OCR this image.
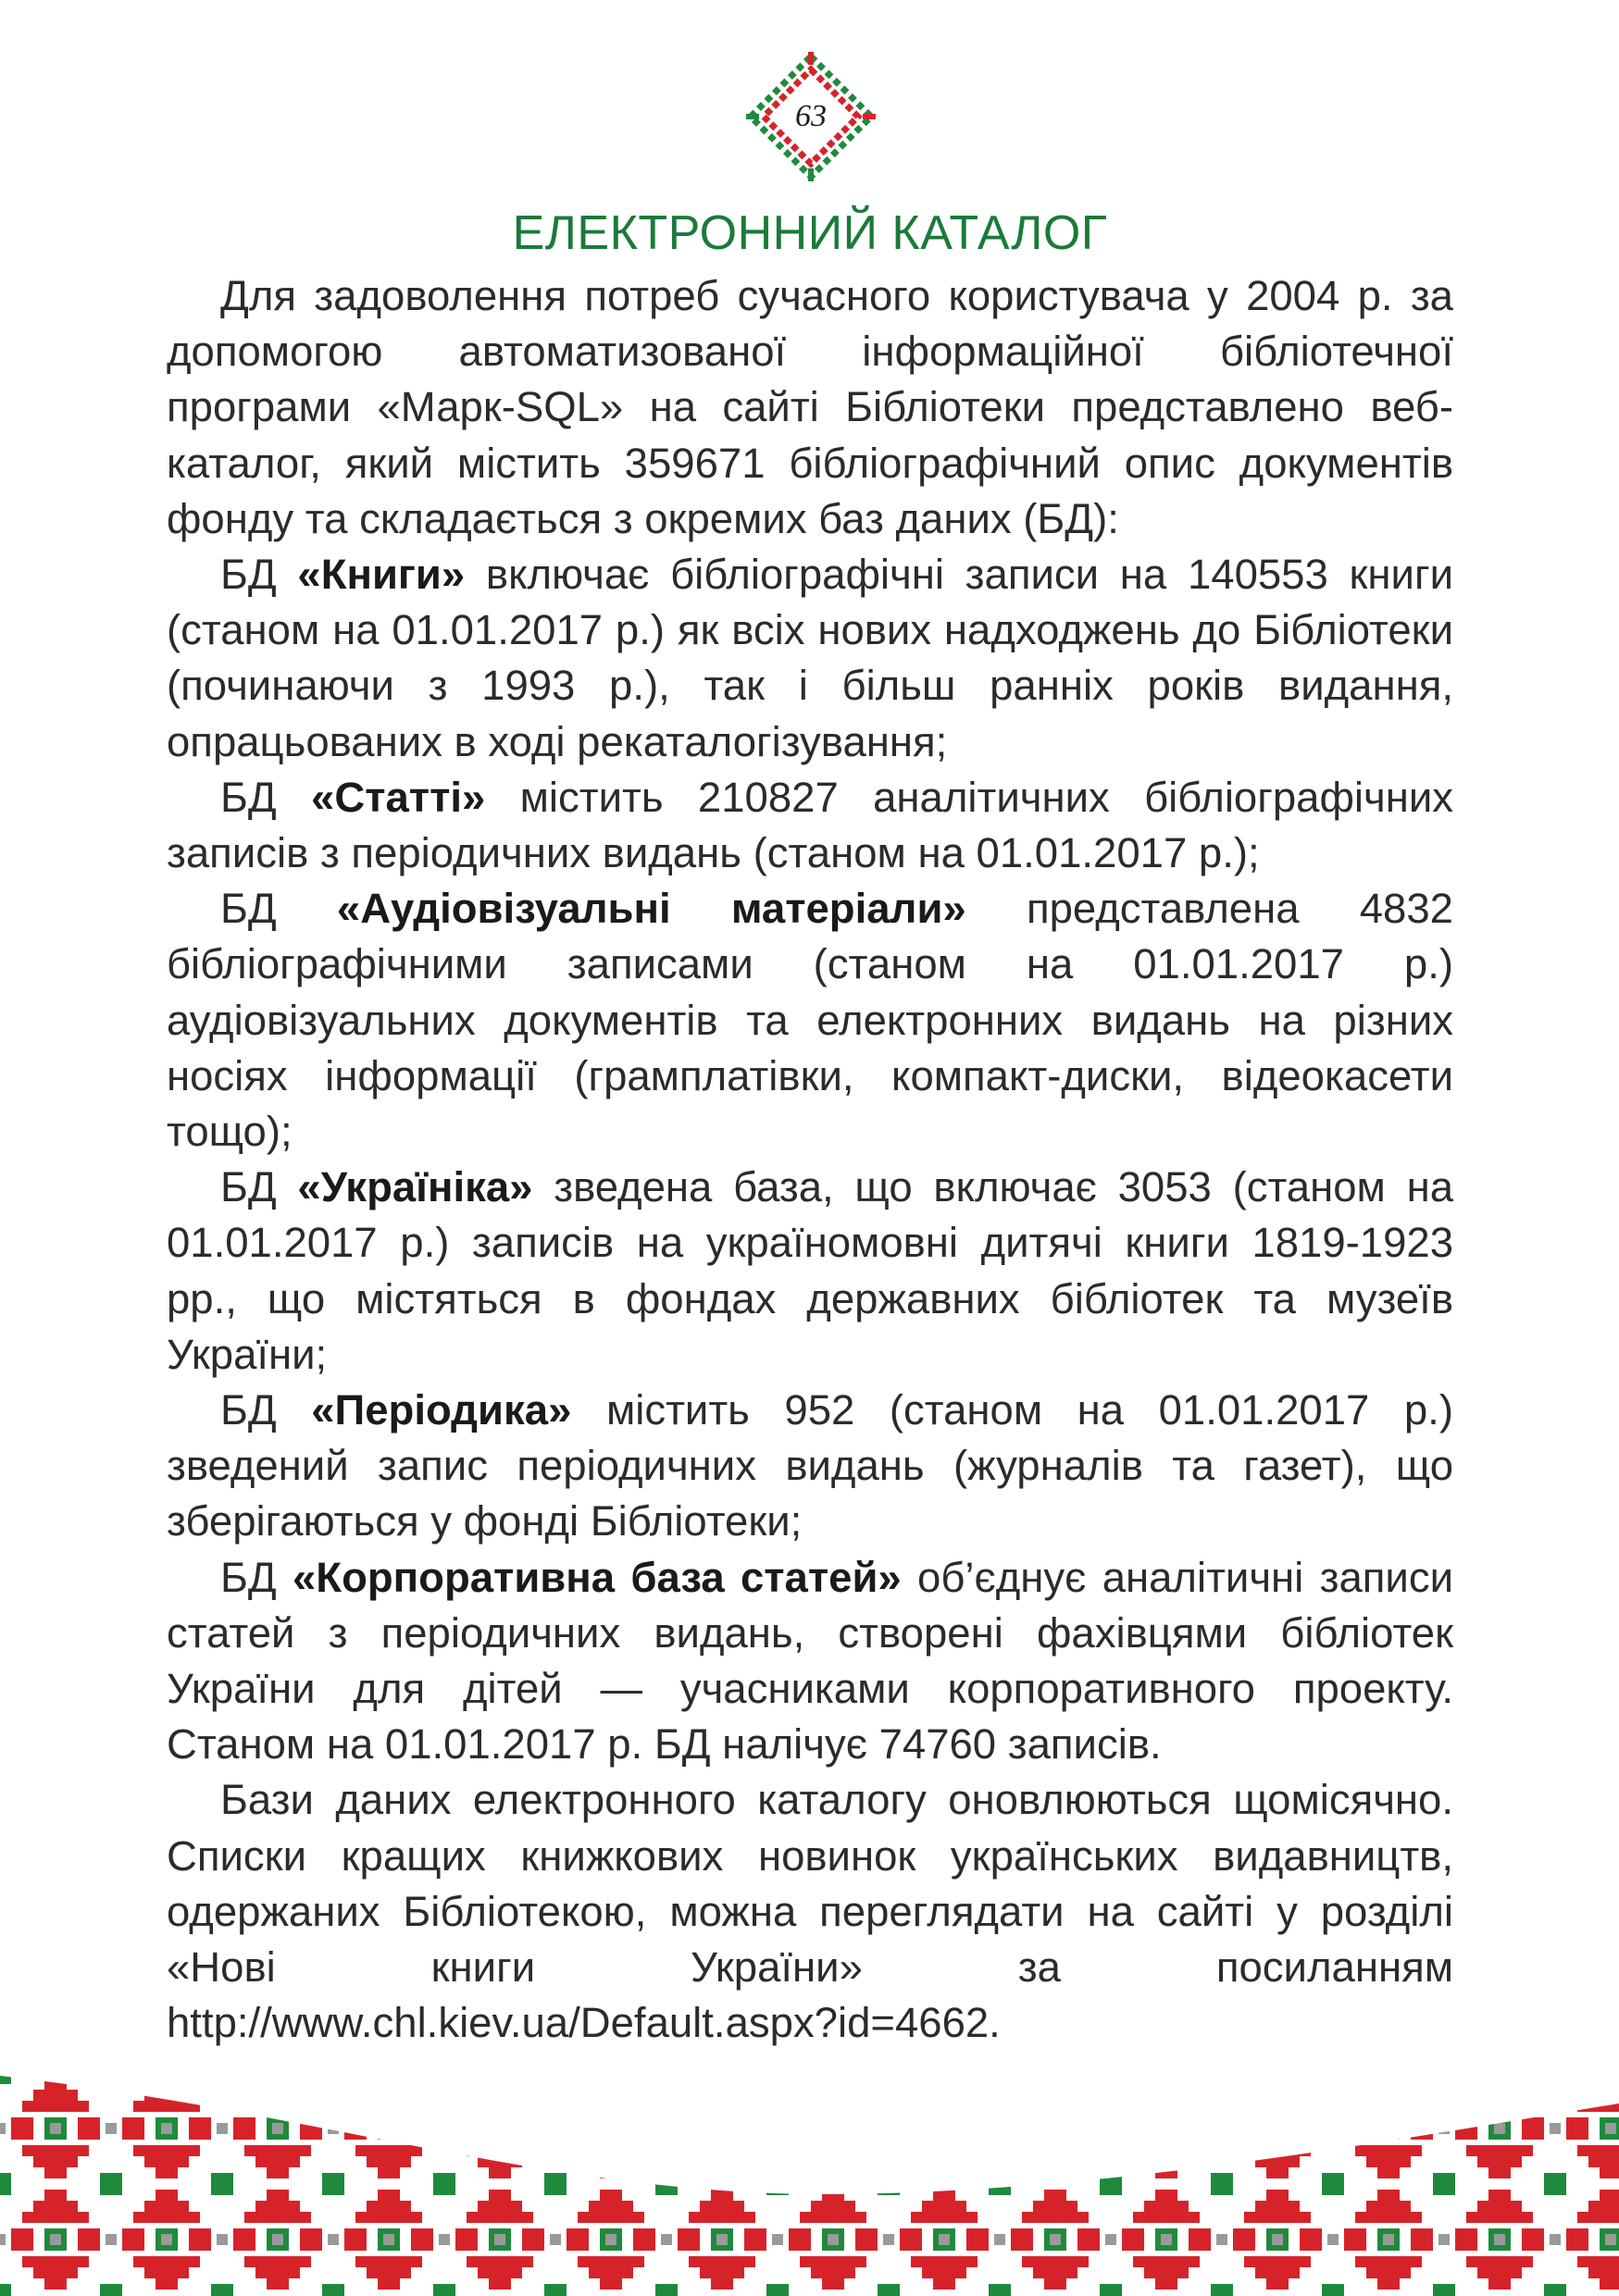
63
ЕЛЕКТРОННИЙ КАТАЛОГ

Для задоволення потреб сучасного користувача у 2004 р. за допомогою автоматизованої інформаційної бібліотечної програми «Марк-SQL» на сайті Бібліотеки представлено веб-каталог, який містить 359671 бібліографічний опис документів фонду та складається з окремих баз даних (БД):

БД «Книги» включає бібліографічні записи на 140553 книги (станом на 01.01.2017 р.) як всіх нових надходжень до Бібліотеки (починаючи з 1993 р.), так і більш ранніх років видання, опрацьованих в ході рекаталогізування;

БД «Статті» містить 210827 аналітичних бібліографічних записів з періодичних видань (станом на 01.01.2017 р.);

БД «Аудіовізуальні матеріали» представлена 4832 бібліографічними записами (станом на 01.01.2017 р.) аудіовізуальних документів та електронних видань на різних носіях інформації (грамплатівки, компакт-диски, відеокасети тощо);

БД «Україніка» зведена база, що включає 3053 (станом на 01.01.2017 р.) записів на україномовні дитячі книги 1819-1923 рр., що містяться в фондах державних бібліотек та музеїв України;

БД «Періодика» містить 952 (станом на 01.01.2017 р.) зведений запис періодичних видань (журналів та газет), що зберігаються у фонді Бібліотеки;

БД «Корпоративна база статей» об’єднує аналітичні записи статей з періодичних видань, створені фахівцями бібліотек України для дітей — учасниками корпоративного проекту. Станом на 01.01.2017 р. БД налічує 74760 записів.

Бази даних електронного каталогу оновлюються щомісячно. Списки кращих книжкових новинок українських видавництв, одержаних Бібліотекою, можна переглядати на сайті у розділі «Нові книги України» за посиланням http://www.chl.kiev.ua/Default.aspx?id=4662.
